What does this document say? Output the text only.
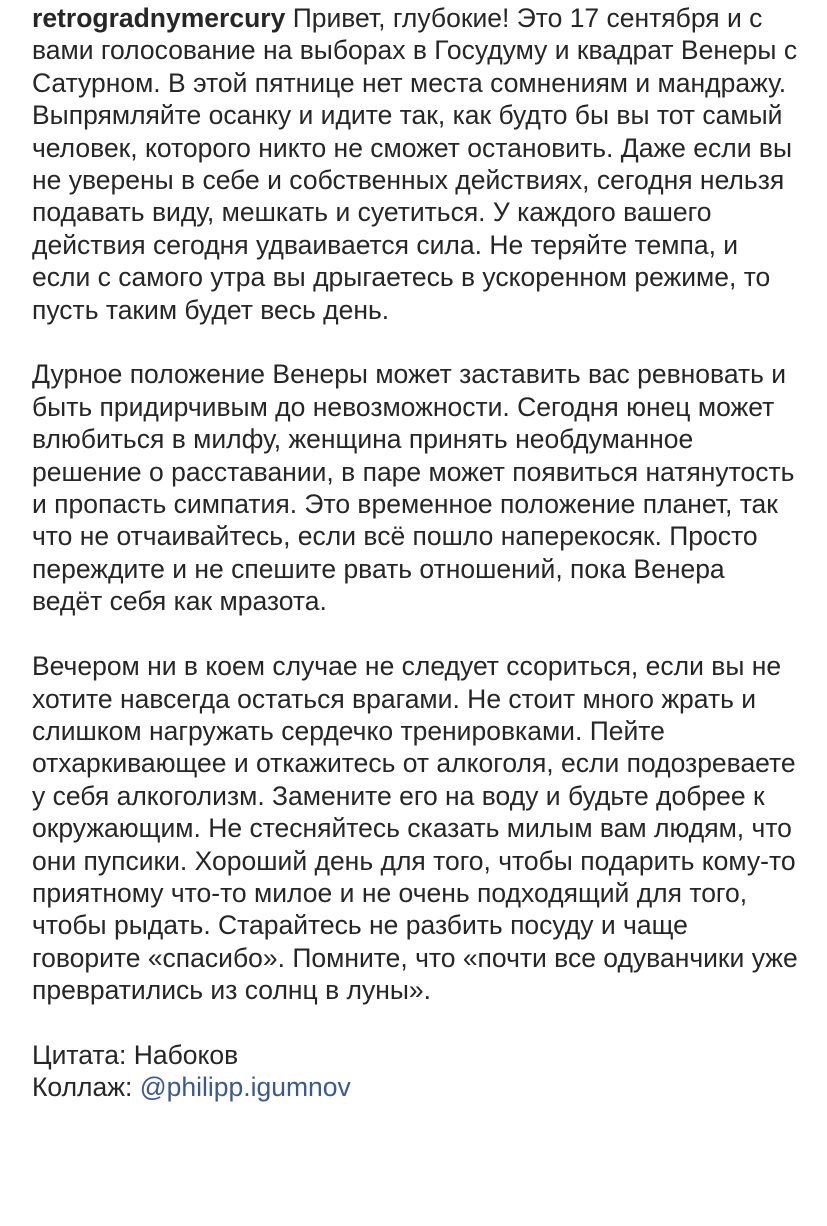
retrogradnymercury Привет, глубокие! Это 17 сентября и с вами голосование на выборах в Госудуму и квадрат Венеры с Сатурном. В этой пятнице нет места сомнениям и мандражу. Выпрямляйте осанку и идите так, как будто бы вы тот самый человек, которого никто не сможет остановить. Даже если вы не уверены в себе и собственных действиях, сегодня нельзя подавать виду, мешкать и суетиться. У каждого вашего действия сегодня удваивается сила. Не теряйте темпа, и если с самого утра вы дрыгаетесь в ускоренном режиме, то пусть таким будет весь день.

Дурное положение Венеры может заставить вас ревновать и быть придирчивым до невозможности. Сегодня юнец может влюбиться в милфу, женщина принять необдуманное решение о расставании, в паре может появиться натянутость и пропасть симпатия. Это временное положение планет, так что не отчаивайтесь, если всё пошло наперекосяк. Просто переждите и не спешите рвать отношений, пока Венера ведёт себя как мразота.

Вечером ни в коем случае не следует ссориться, если вы не хотите навсегда остаться врагами. Не стоит много жрать и слишком нагружать сердечко тренировками. Пейте отхаркивающее и откажитесь от алкоголя, если подозреваете у себя алкоголизм. Замените его на воду и будьте добрее к окружающим. Не стесняйтесь сказать милым вам людям, что они пупсики. Хороший день для того, чтобы подарить кому-то приятному что-то милое и не очень подходящий для того, чтобы рыдать. Старайтесь не разбить посуду и чаще говорите «спасибо». Помните, что «почти все одуванчики уже превратились из солнц в луны».

Цитата: Набоков
Коллаж: @philipp.igumnov
